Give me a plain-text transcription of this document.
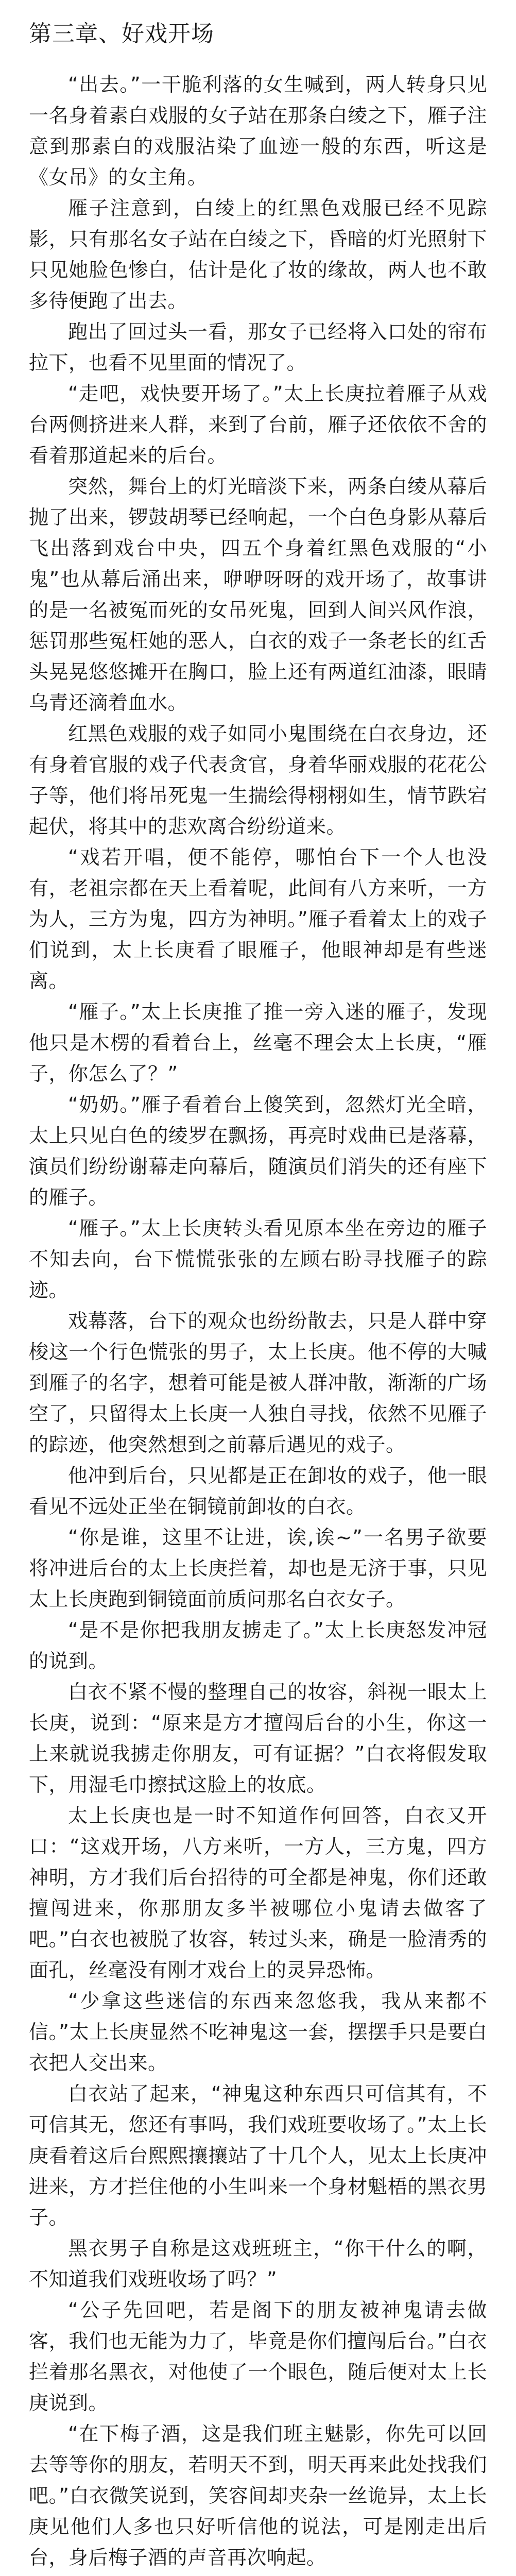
第三章、好戏开场

“出去。”一干脆利落的女生喊到，两人转身只见一名身着素白戏服的女子站在那条白绫之下，雁子注意到那素白的戏服沾染了血迹一般的东西，听这是《女吊》的女主角。

雁子注意到，白绫上的红黑色戏服已经不见踪影，只有那名女子站在白绫之下，昏暗的灯光照射下只见她脸色惨白，估计是化了妆的缘故，两人也不敢多待便跑了出去。

跑出了回过头一看，那女子已经将入口处的帘布拉下，也看不见里面的情况了。

“走吧，戏快要开场了。”太上长庚拉着雁子从戏台两侧挤进来人群，来到了台前，雁子还依依不舍的看着那道起来的后台。

突然，舞台上的灯光暗淡下来，两条白绫从幕后抛了出来，锣鼓胡琴已经响起，一个白色身影从幕后飞出落到戏台中央，四五个身着红黑色戏服的“小鬼”也从幕后涌出来，咿咿呀呀的戏开场了，故事讲的是一名被冤而死的女吊死鬼，回到人间兴风作浪，惩罚那些冤枉她的恶人，白衣的戏子一条老长的红舌头晃晃悠悠摊开在胸口，脸上还有两道红油漆，眼睛乌青还滴着血水。

红黑色戏服的戏子如同小鬼围绕在白衣身边，还有身着官服的戏子代表贪官，身着华丽戏服的花花公子等，他们将吊死鬼一生揣绘得栩栩如生，情节跌宕起伏，将其中的悲欢离合纷纷道来。

“戏若开唱，便不能停，哪怕台下一个人也没有，老祖宗都在天上看着呢，此间有八方来听，一方为人，三方为鬼，四方为神明。”雁子看着太上的戏子们说到，太上长庚看了眼雁子，他眼神却是有些迷离。

“雁子。”太上长庚推了推一旁入迷的雁子，发现他只是木楞的看着台上，丝毫不理会太上长庚，“雁子，你怎么了？”

“奶奶。”雁子看着台上傻笑到，忽然灯光全暗，太上只见白色的绫罗在飘扬，再亮时戏曲已是落幕，演员们纷纷谢幕走向幕后，随演员们消失的还有座下的雁子。

“雁子。”太上长庚转头看见原本坐在旁边的雁子不知去向，台下慌慌张张的左顾右盼寻找雁子的踪迹。

戏幕落，台下的观众也纷纷散去，只是人群中穿梭这一个行色慌张的男子，太上长庚。他不停的大喊到雁子的名字，想着可能是被人群冲散，渐渐的广场空了，只留得太上长庚一人独自寻找，依然不见雁子的踪迹，他突然想到之前幕后遇见的戏子。

他冲到后台，只见都是正在卸妆的戏子，他一眼看见不远处正坐在铜镜前卸妆的白衣。

“你是谁，这里不让进，诶,诶~”一名男子欲要将冲进后台的太上长庚拦着，却也是无济于事，只见太上长庚跑到铜镜面前质问那名白衣女子。

“是不是你把我朋友掳走了。”太上长庚怒发冲冠的说到。

白衣不紧不慢的整理自己的妆容，斜视一眼太上长庚，说到：“原来是方才擅闯后台的小生，你这一上来就说我掳走你朋友，可有证据？”白衣将假发取下，用湿毛巾擦拭这脸上的妆底。

太上长庚也是一时不知道作何回答，白衣又开口：“这戏开场，八方来听，一方人，三方鬼，四方神明，方才我们后台招待的可全都是神鬼，你们还敢擅闯进来，你那朋友多半被哪位小鬼请去做客了吧。”白衣也被脱了妆容，转过头来，确是一脸清秀的面孔，丝毫没有刚才戏台上的灵异恐怖。

“少拿这些迷信的东西来忽悠我，我从来都不信。”太上长庚显然不吃神鬼这一套，摆摆手只是要白衣把人交出来。

白衣站了起来，“神鬼这种东西只可信其有，不可信其无，您还有事吗，我们戏班要收场了。”太上长庚看着这后台熙熙攘攘站了十几个人，见太上长庚冲进来，方才拦住他的小生叫来一个身材魁梧的黑衣男子。

黑衣男子自称是这戏班班主，“你干什么的啊，不知道我们戏班收场了吗？”

“公子先回吧，若是阁下的朋友被神鬼请去做客，我们也无能为力了，毕竟是你们擅闯后台。”白衣拦着那名黑衣，对他使了一个眼色，随后便对太上长庚说到。

“在下梅子酒，这是我们班主魅影，你先可以回去等等你的朋友，若明天不到，明天再来此处找我们吧。”白衣微笑说到，笑容间却夹杂一丝诡异，太上长庚见他们人多也只好听信他的说法，可是刚走出后台，身后梅子酒的声音再次响起。
